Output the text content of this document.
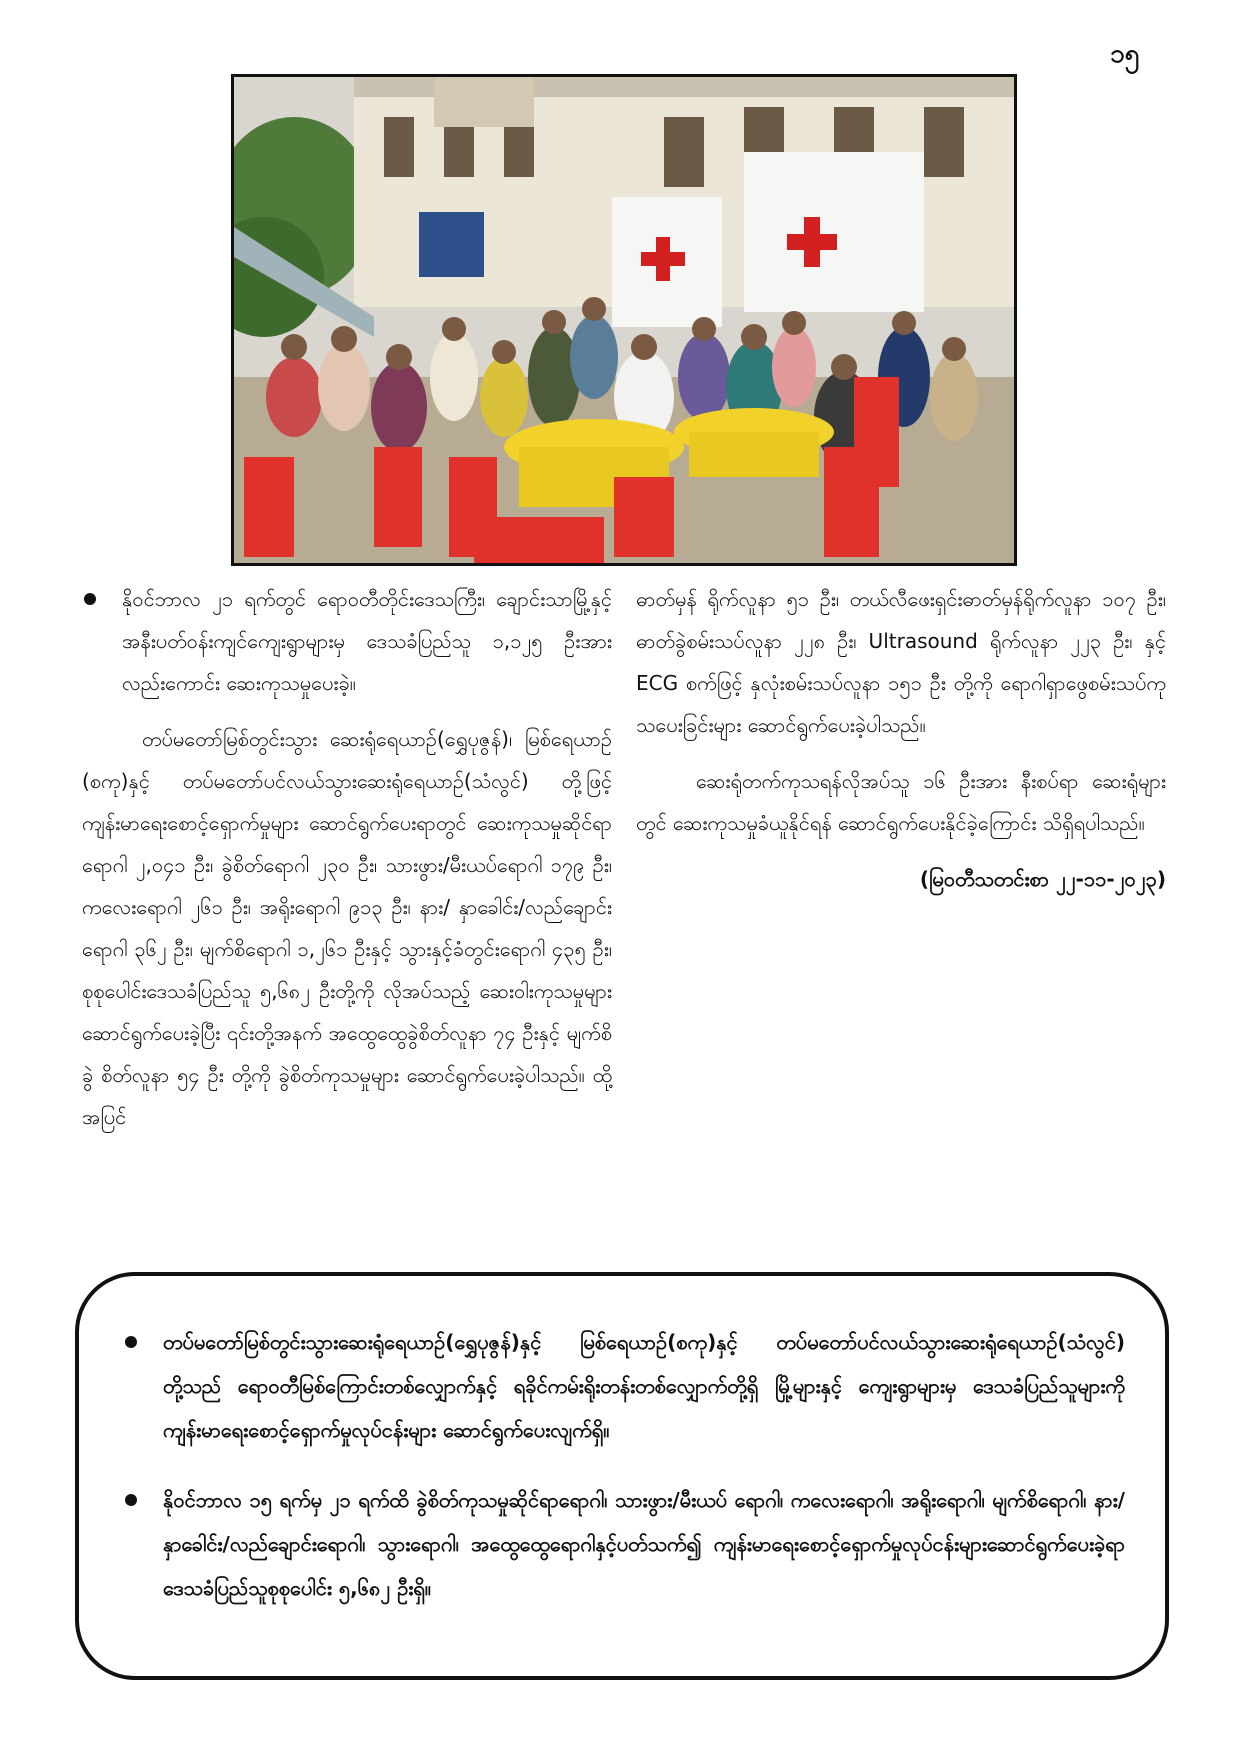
၁၅
နိုဝင်ဘာလ ၂၁ ရက်တွင် ရောဝတီတိုင်းဒေသကြီး၊ ချောင်းသာမြို့နှင့် အနီးပတ်ဝန်းကျင်ကျေးရွာများမှ ဒေသခံပြည်သူ ၁,၁၂၅ ဦးအားလည်းကောင်း ဆေးကုသမှုပေးခဲ့။

တပ်မတော်မြစ်တွင်းသွား ဆေးရုံရေယာဉ်(ရွှေပုဇွန်)၊ မြစ်ရေယာဉ် (စကု)နှင့် တပ်မတော်ပင်လယ်သွားဆေးရုံရေယာဉ်(သံလွင်) တို့ဖြင့် ကျန်းမာရေးစောင့်ရှောက်မှုများ ဆောင်ရွက်ပေးရာတွင် ဆေးကုသမှုဆိုင်ရာရောဂါ ၂,၀၄၁ ဦး၊ ခွဲစိတ်ရောဂါ ၂၃၀ ဦး၊ သားဖွား/မီးယပ်ရောဂါ ၁၇၉ ဦး၊ ကလေးရောဂါ ၂၆၁ ဦး၊ အရိုးရောဂါ ၉၁၃ ဦး၊ နား/ နှာခေါင်း/လည်ချောင်း ရောဂါ ၃၆၂ ဦး၊ မျက်စိရောဂါ ၁,၂၆၁ ဦးနှင့် သွားနှင့်ခံတွင်းရောဂါ ၄၃၅ ဦး၊ စုစုပေါင်းဒေသခံပြည်သူ ၅,၆၈၂ ဦးတို့ကို လိုအပ်သည့် ဆေးဝါးကုသမှုများ ဆောင်ရွက်ပေးခဲ့ပြီး ၎င်းတို့အနက် အထွေထွေခွဲစိတ်လူနာ ၇၄ ဦးနှင့် မျက်စိခွဲ စိတ်လူနာ ၅၄ ဦး တို့ကို ခွဲစိတ်ကုသမှုများ ဆောင်ရွက်ပေးခဲ့ပါသည်။ ထို့အပြင်

ဓာတ်မှန် ရိုက်လူနာ ၅၁ ဦး၊ တယ်လီဖေးရှင်းဓာတ်မှန်ရိုက်လူနာ ၁၀၇ ဦး၊ ဓာတ်ခွဲစမ်းသပ်လူနာ ၂၂၈ ဦး၊ Ultrasound ရိုက်လူနာ ၂၂၃ ဦး၊ နှင့် ECG စက်ဖြင့် နှလုံးစမ်းသပ်လူနာ ၁၅၁ ဦး တို့ကို ရောဂါရှာဖွေစမ်းသပ်ကုသပေးခြင်းများ ဆောင်ရွက်ပေးခဲ့ပါသည်။

ဆေးရုံတက်ကုသရန်လိုအပ်သူ ၁၆ ဦးအား နီးစပ်ရာ ဆေးရုံများတွင် ဆေးကုသမှုခံယူနိုင်ရန် ဆောင်ရွက်ပေးနိုင်ခဲ့ကြောင်း သိရှိရပါသည်။

(မြဝတီသတင်းစာ ၂၂-၁၁-၂၀၂၃)

တပ်မတော်မြစ်တွင်းသွားဆေးရုံရေယာဉ်(ရွှေပုဇွန်)နှင့် မြစ်ရေယာဉ်(စကု)နှင့် တပ်မတော်ပင်လယ်သွားဆေးရုံရေယာဉ်(သံလွင်) တို့သည် ရောဝတီမြစ်ကြောင်းတစ်လျှောက်နှင့် ရခိုင်ကမ်းရိုးတန်းတစ်လျှောက်တို့ရှိ မြို့များနှင့် ကျေးရွာများမှ ဒေသခံပြည်သူများကို ကျန်းမာရေးစောင့်ရှောက်မှုလုပ်ငန်းများ ဆောင်ရွက်ပေးလျက်ရှိ။
နိုဝင်ဘာလ ၁၅ ရက်မှ ၂၁ ရက်ထိ ခွဲစိတ်ကုသမှုဆိုင်ရာရောဂါ၊ သားဖွား/မီးယပ် ရောဂါ၊ ကလေးရောဂါ၊ အရိုးရောဂါ၊ မျက်စိရောဂါ၊ နား/နှာခေါင်း/လည်ချောင်းရောဂါ၊ သွားရောဂါ၊ အထွေထွေရောဂါနှင့်ပတ်သက်၍ ကျန်းမာရေးစောင့်ရှောက်မှုလုပ်ငန်းများဆောင်ရွက်ပေးခဲ့ရာ ဒေသခံပြည်သူစုစုပေါင်း ၅,၆၈၂ ဦးရှိ။
